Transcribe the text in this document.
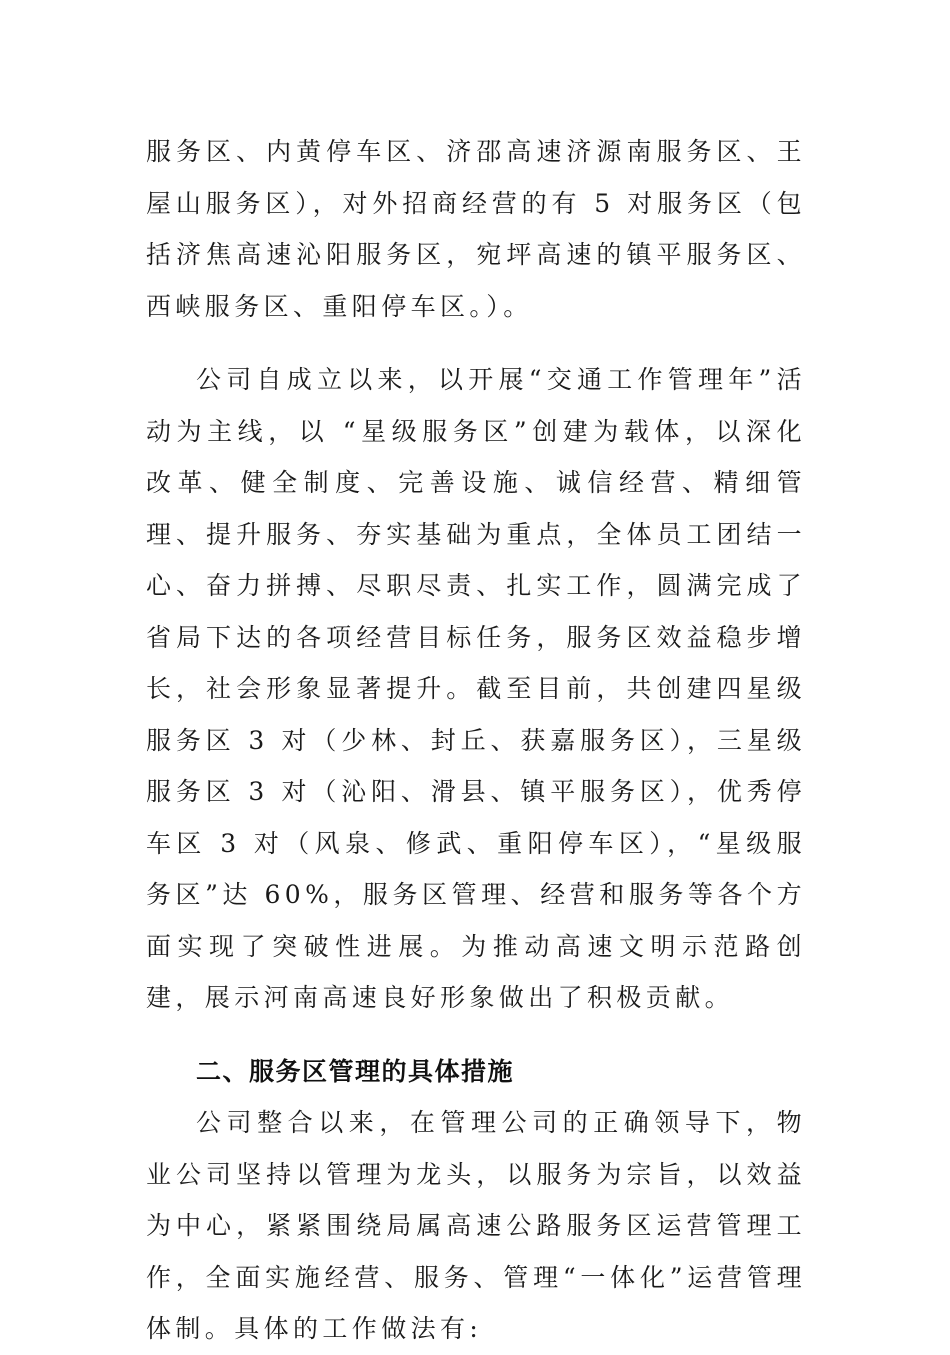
服务区、内黄停车区、济邵高速济源南服务区、王屋山服务区），对外招商经营的有 5 对服务区（包括济焦高速沁阳服务区，宛坪高速的镇平服务区、西峡服务区、重阳停车区。）。

公司自成立以来，以开展“交通工作管理年”活动为主线，以 “星级服务区”创建为载体，以深化改革、健全制度、完善设施、诚信经营、精细管理、提升服务、夯实基础为重点，全体员工团结一心、奋力拼搏、尽职尽责、扎实工作，圆满完成了省局下达的各项经营目标任务，服务区效益稳步增长，社会形象显著提升。截至目前，共创建四星级服务区 3 对（少林、封丘、获嘉服务区），三星级服务区 3 对（沁阳、滑县、镇平服务区），优秀停车区 3 对（风泉、修武、重阳停车区），“星级服务区”达 60%，服务区管理、经营和服务等各个方面实现了突破性进展。为推动高速文明示范路创建，展示河南高速良好形象做出了积极贡献。

二、服务区管理的具体措施

公司整合以来，在管理公司的正确领导下，物业公司坚持以管理为龙头，以服务为宗旨，以效益为中心，紧紧围绕局属高速公路服务区运营管理工作，全面实施经营、服务、管理“一体化”运营管理体制。具体的工作做法有:
